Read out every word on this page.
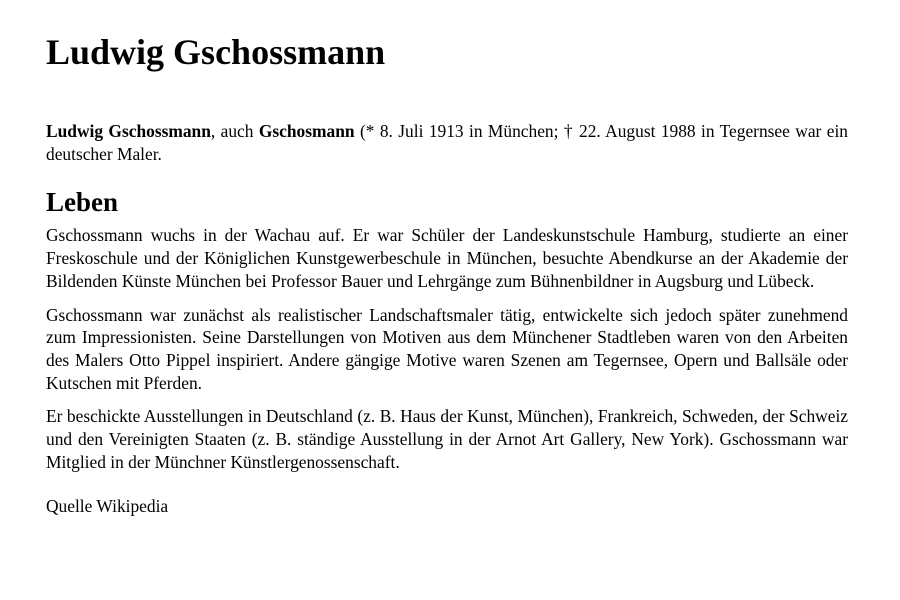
Ludwig Gschossmann

Ludwig Gschossmann, auch Gschosmann (* 8. Juli 1913 in München; † 22. August 1988 in Tegernsee war ein deutscher Maler.

Leben

Gschossmann wuchs in der Wachau auf. Er war Schüler der Landeskunstschule Hamburg, studierte an einer Freskoschule und der Königlichen Kunstgewerbeschule in München, besuchte Abendkurse an der Akademie der Bildenden Künste München bei Professor Bauer und Lehrgänge zum Bühnenbildner in Augsburg und Lübeck.

Gschossmann war zunächst als realistischer Landschaftsmaler tätig, entwickelte sich jedoch später zunehmend zum Impressionisten. Seine Darstellungen von Motiven aus dem Münchener Stadtleben waren von den Arbeiten des Malers Otto Pippel inspiriert. Andere gängige Motive waren Szenen am Tegernsee, Opern und Ballsäle oder Kutschen mit Pferden.

Er beschickte Ausstellungen in Deutschland (z. B. Haus der Kunst, München), Frankreich, Schweden, der Schweiz und den Vereinigten Staaten (z. B. ständige Ausstellung in der Arnot Art Gallery, New York). Gschossmann war Mitglied in der Münchner Künstlergenossenschaft.

Quelle Wikipedia
